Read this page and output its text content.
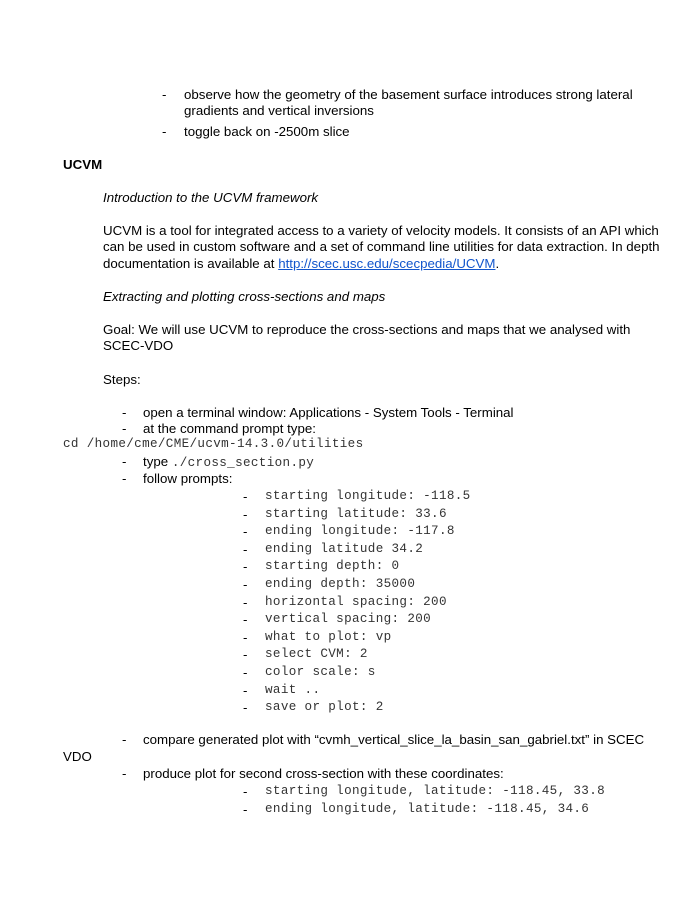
- observe how the geometry of the basement surface introduces strong lateral
gradients and vertical inversions
- toggle back on -2500m slice
UCVM
Introduction to the UCVM framework
UCVM is a tool for integrated access to a variety of velocity models. It consists of an API which
can be used in custom software and a set of command line utilities for data extraction. In depth
documentation is available at http://scec.usc.edu/scecpedia/UCVM.
Extracting and plotting cross-sections and maps
Goal: We will use UCVM to reproduce the cross-sections and maps that we analysed with
SCEC-VDO
Steps:
- open a terminal window: Applications - System Tools - Terminal
- at the command prompt type:
cd /home/cme/CME/ucvm-14.3.0/utilities
- type ./cross_section.py
- follow prompts:
- starting longitude: -118.5
- starting latitude: 33.6
- ending longitude: -117.8
- ending latitude 34.2
- starting depth: 0
- ending depth: 35000
- horizontal spacing: 200
- vertical spacing: 200
- what to plot: vp
- select CVM: 2
- color scale: s
- wait ..
- save or plot: 2
- compare generated plot with “cvmh_vertical_slice_la_basin_san_gabriel.txt” in SCEC
VDO
- produce plot for second cross-section with these coordinates:
- starting longitude, latitude: -118.45, 33.8
- ending longitude, latitude: -118.45, 34.6
